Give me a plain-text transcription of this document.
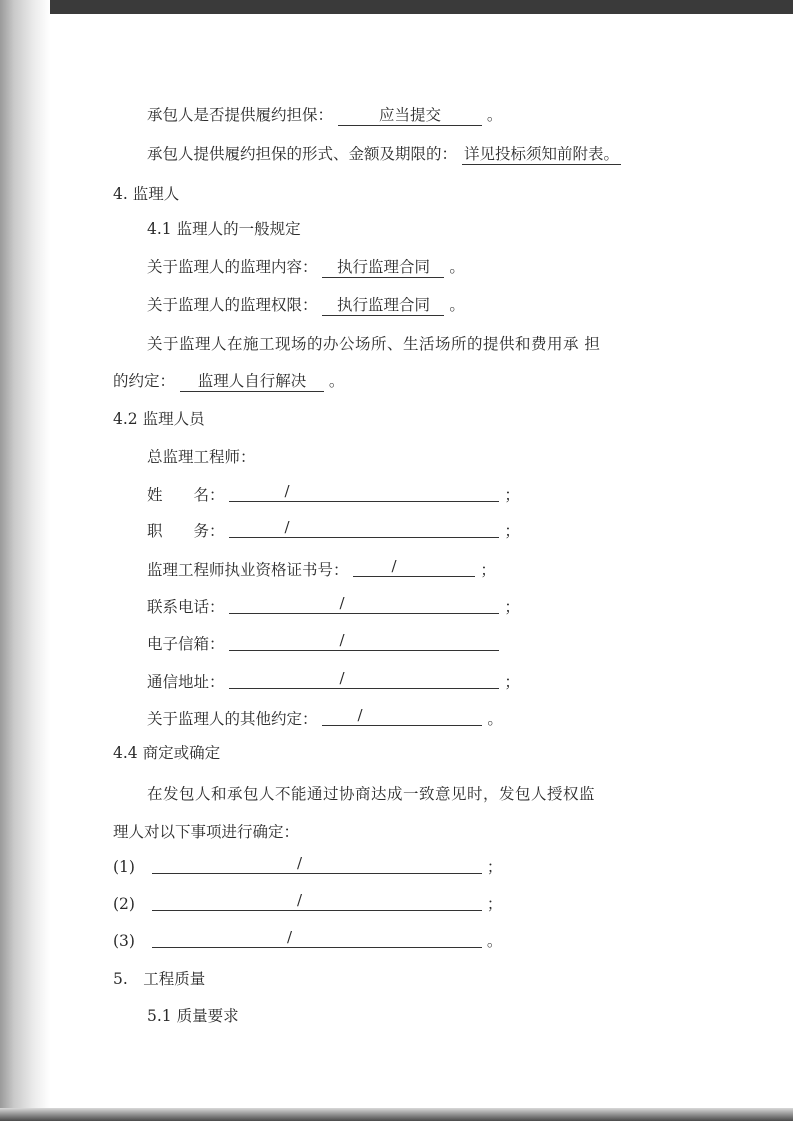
承包人是否提供履约担保：	应当提交	。
承包人提供履约担保的形式、金额及期限的： 详见投标须知前附表。
4. 监理人
4.1 监理人的一般规定
关于监理人的监理内容： 执行监理合同 。
关于监理人的监理权限： 执行监理合同 。
关于监理人在施工现场的办公场所、生活场所的提供和费用承 担
的约定： 监理人自行解决 。
4.2 监理人员
总监理工程师：
姓　　名：	/	；
职　　务：	/	；
监理工程师执业资格证书号：	/	；
联系电话：	/	；
电子信箱：	/
通信地址：	/	；
关于监理人的其他约定：	/	。
4.4 商定或确定
在发包人和承包人不能通过协商达成一致意见时，发包人授权监
理人对以下事项进行确定：
(1)	/	；
(2)	/	；
(3)	/	。
5.　工程质量
5.1 质量要求
